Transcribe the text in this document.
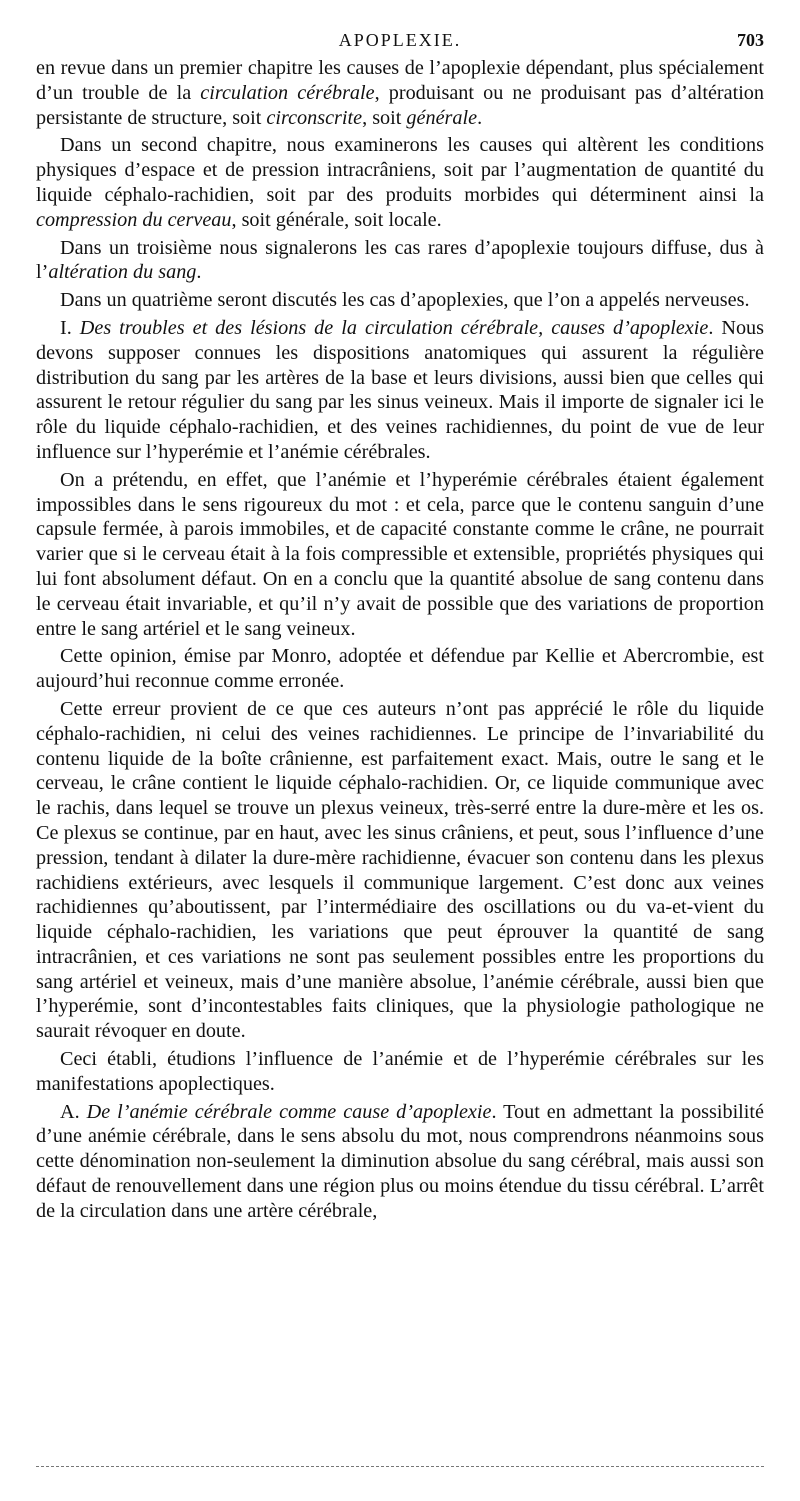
APOPLEXIE.	703

en revue dans un premier chapitre les causes de l’apoplexie dépendant, plus spécialement d’un trouble de la circulation cérébrale, produisant ou ne produisant pas d’altération persistante de structure, soit circonscrite, soit générale.

Dans un second chapitre, nous examinerons les causes qui altèrent les conditions physiques d’espace et de pression intracrâniens, soit par l’augmentation de quantité du liquide céphalo-rachidien, soit par des produits morbides qui déterminent ainsi la compression du cerveau, soit générale, soit locale.

Dans un troisième nous signalerons les cas rares d’apoplexie toujours diffuse, dus à l’altération du sang.

Dans un quatrième seront discutés les cas d’apoplexies, que l’on a appelés nerveuses.

I. Des troubles et des lésions de la circulation cérébrale, causes d’apoplexie. Nous devons supposer connues les dispositions anatomiques qui assurent la régulière distribution du sang par les artères de la base et leurs divisions, aussi bien que celles qui assurent le retour régulier du sang par les sinus veineux. Mais il importe de signaler ici le rôle du liquide céphalo-rachidien, et des veines rachidiennes, du point de vue de leur influence sur l’hyperémie et l’anémie cérébrales.

On a prétendu, en effet, que l’anémie et l’hyperémie cérébrales étaient également impossibles dans le sens rigoureux du mot : et cela, parce que le contenu sanguin d’une capsule fermée, à parois immobiles, et de capacité constante comme le crâne, ne pourrait varier que si le cerveau était à la fois compressible et extensible, propriétés physiques qui lui font absolument défaut. On en a conclu que la quantité absolue de sang contenu dans le cerveau était invariable, et qu’il n’y avait de possible que des variations de proportion entre le sang artériel et le sang veineux.

Cette opinion, émise par Monro, adoptée et défendue par Kellie et Abercrombie, est aujourd’hui reconnue comme erronée.

Cette erreur provient de ce que ces auteurs n’ont pas apprécié le rôle du liquide céphalo-rachidien, ni celui des veines rachidiennes. Le principe de l’invariabilité du contenu liquide de la boîte crânienne, est parfaitement exact. Mais, outre le sang et le cerveau, le crâne contient le liquide céphalo-rachidien. Or, ce liquide communique avec le rachis, dans lequel se trouve un plexus veineux, très-serré entre la dure-mère et les os. Ce plexus se continue, par en haut, avec les sinus crâniens, et peut, sous l’influence d’une pression, tendant à dilater la dure-mère rachidienne, évacuer son contenu dans les plexus rachidiens extérieurs, avec lesquels il communique largement. C’est donc aux veines rachidiennes qu’aboutissent, par l’intermédiaire des oscillations ou du va-et-vient du liquide céphalo-rachidien, les variations que peut éprouver la quantité de sang intracrânien, et ces variations ne sont pas seulement possibles entre les proportions du sang artériel et veineux, mais d’une manière absolue, l’anémie cérébrale, aussi bien que l’hyperémie, sont d’incontestables faits cliniques, que la physiologie pathologique ne saurait révoquer en doute.

Ceci établi, étudions l’influence de l’anémie et de l’hyperémie cérébrales sur les manifestations apoplectiques.

A. De l’anémie cérébrale comme cause d’apoplexie. Tout en admettant la possibilité d’une anémie cérébrale, dans le sens absolu du mot, nous comprendrons néanmoins sous cette dénomination non-seulement la diminution absolue du sang cérébral, mais aussi son défaut de renouvellement dans une région plus ou moins étendue du tissu cérébral. L’arrêt de la circulation dans une artère cérébrale,
